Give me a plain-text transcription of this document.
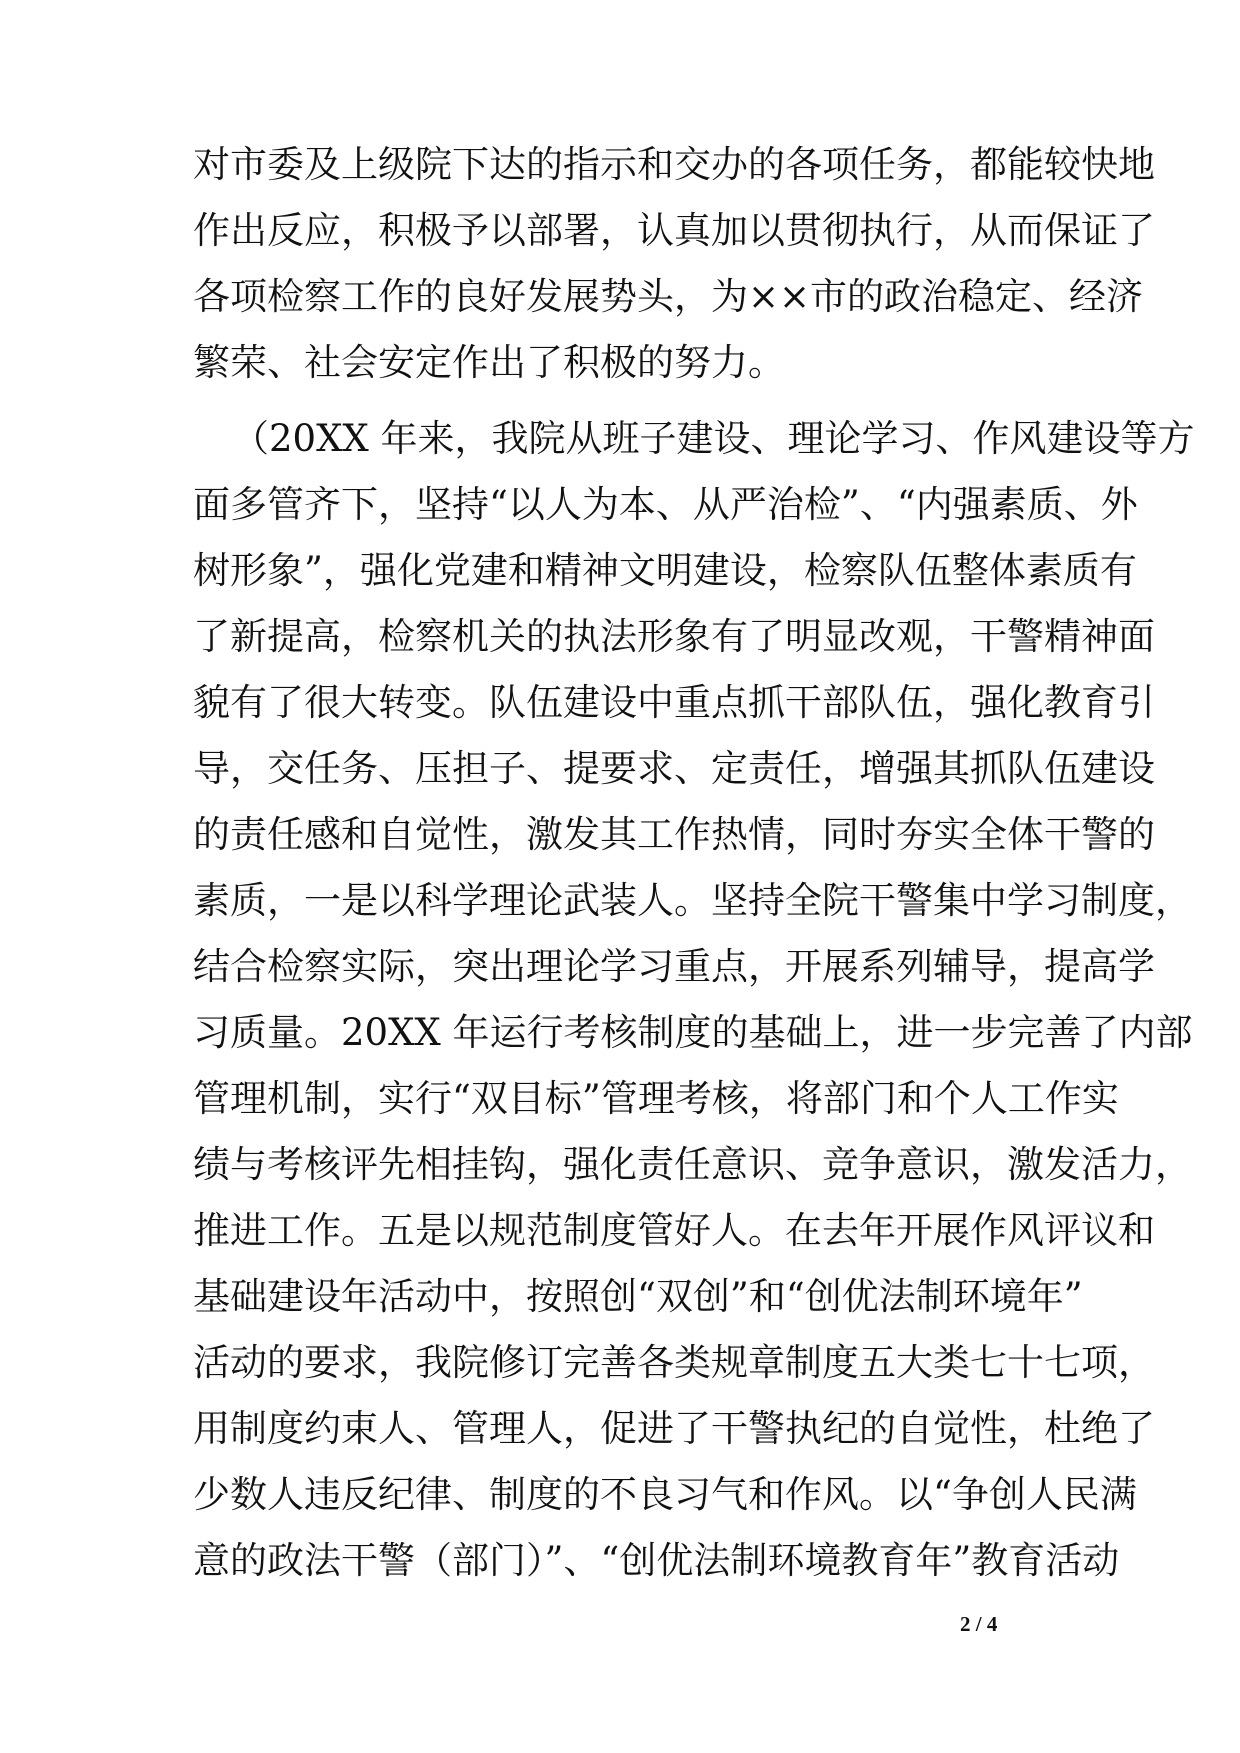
对市委及上级院下达的指示和交办的各项任务，都能较快地
作出反应，积极予以部署，认真加以贯彻执行，从而保证了
各项检察工作的良好发展势头，为××市的政治稳定、经济
繁荣、社会安定作出了积极的努力。
（20XX 年来，我院从班子建设、理论学习、作风建设等方
面多管齐下，坚持“以人为本、从严治检”、“内强素质、外
树形象”，强化党建和精神文明建设，检察队伍整体素质有
了新提高，检察机关的执法形象有了明显改观，干警精神面
貌有了很大转变。队伍建设中重点抓干部队伍，强化教育引
导，交任务、压担子、提要求、定责任，增强其抓队伍建设
的责任感和自觉性，激发其工作热情，同时夯实全体干警的
素质，一是以科学理论武装人。坚持全院干警集中学习制度，
结合检察实际，突出理论学习重点，开展系列辅导，提高学
习质量。20XX 年运行考核制度的基础上，进一步完善了内部
管理机制，实行“双目标”管理考核，将部门和个人工作实
绩与考核评先相挂钩，强化责任意识、竞争意识，激发活力，
推进工作。五是以规范制度管好人。在去年开展作风评议和
基础建设年活动中，按照创“双创”和“创优法制环境年”
活动的要求，我院修订完善各类规章制度五大类七十七项，
用制度约束人、管理人，促进了干警执纪的自觉性，杜绝了
少数人违反纪律、制度的不良习气和作风。以“争创人民满
意的政法干警（部门）”、“创优法制环境教育年”教育活动
2 / 4
